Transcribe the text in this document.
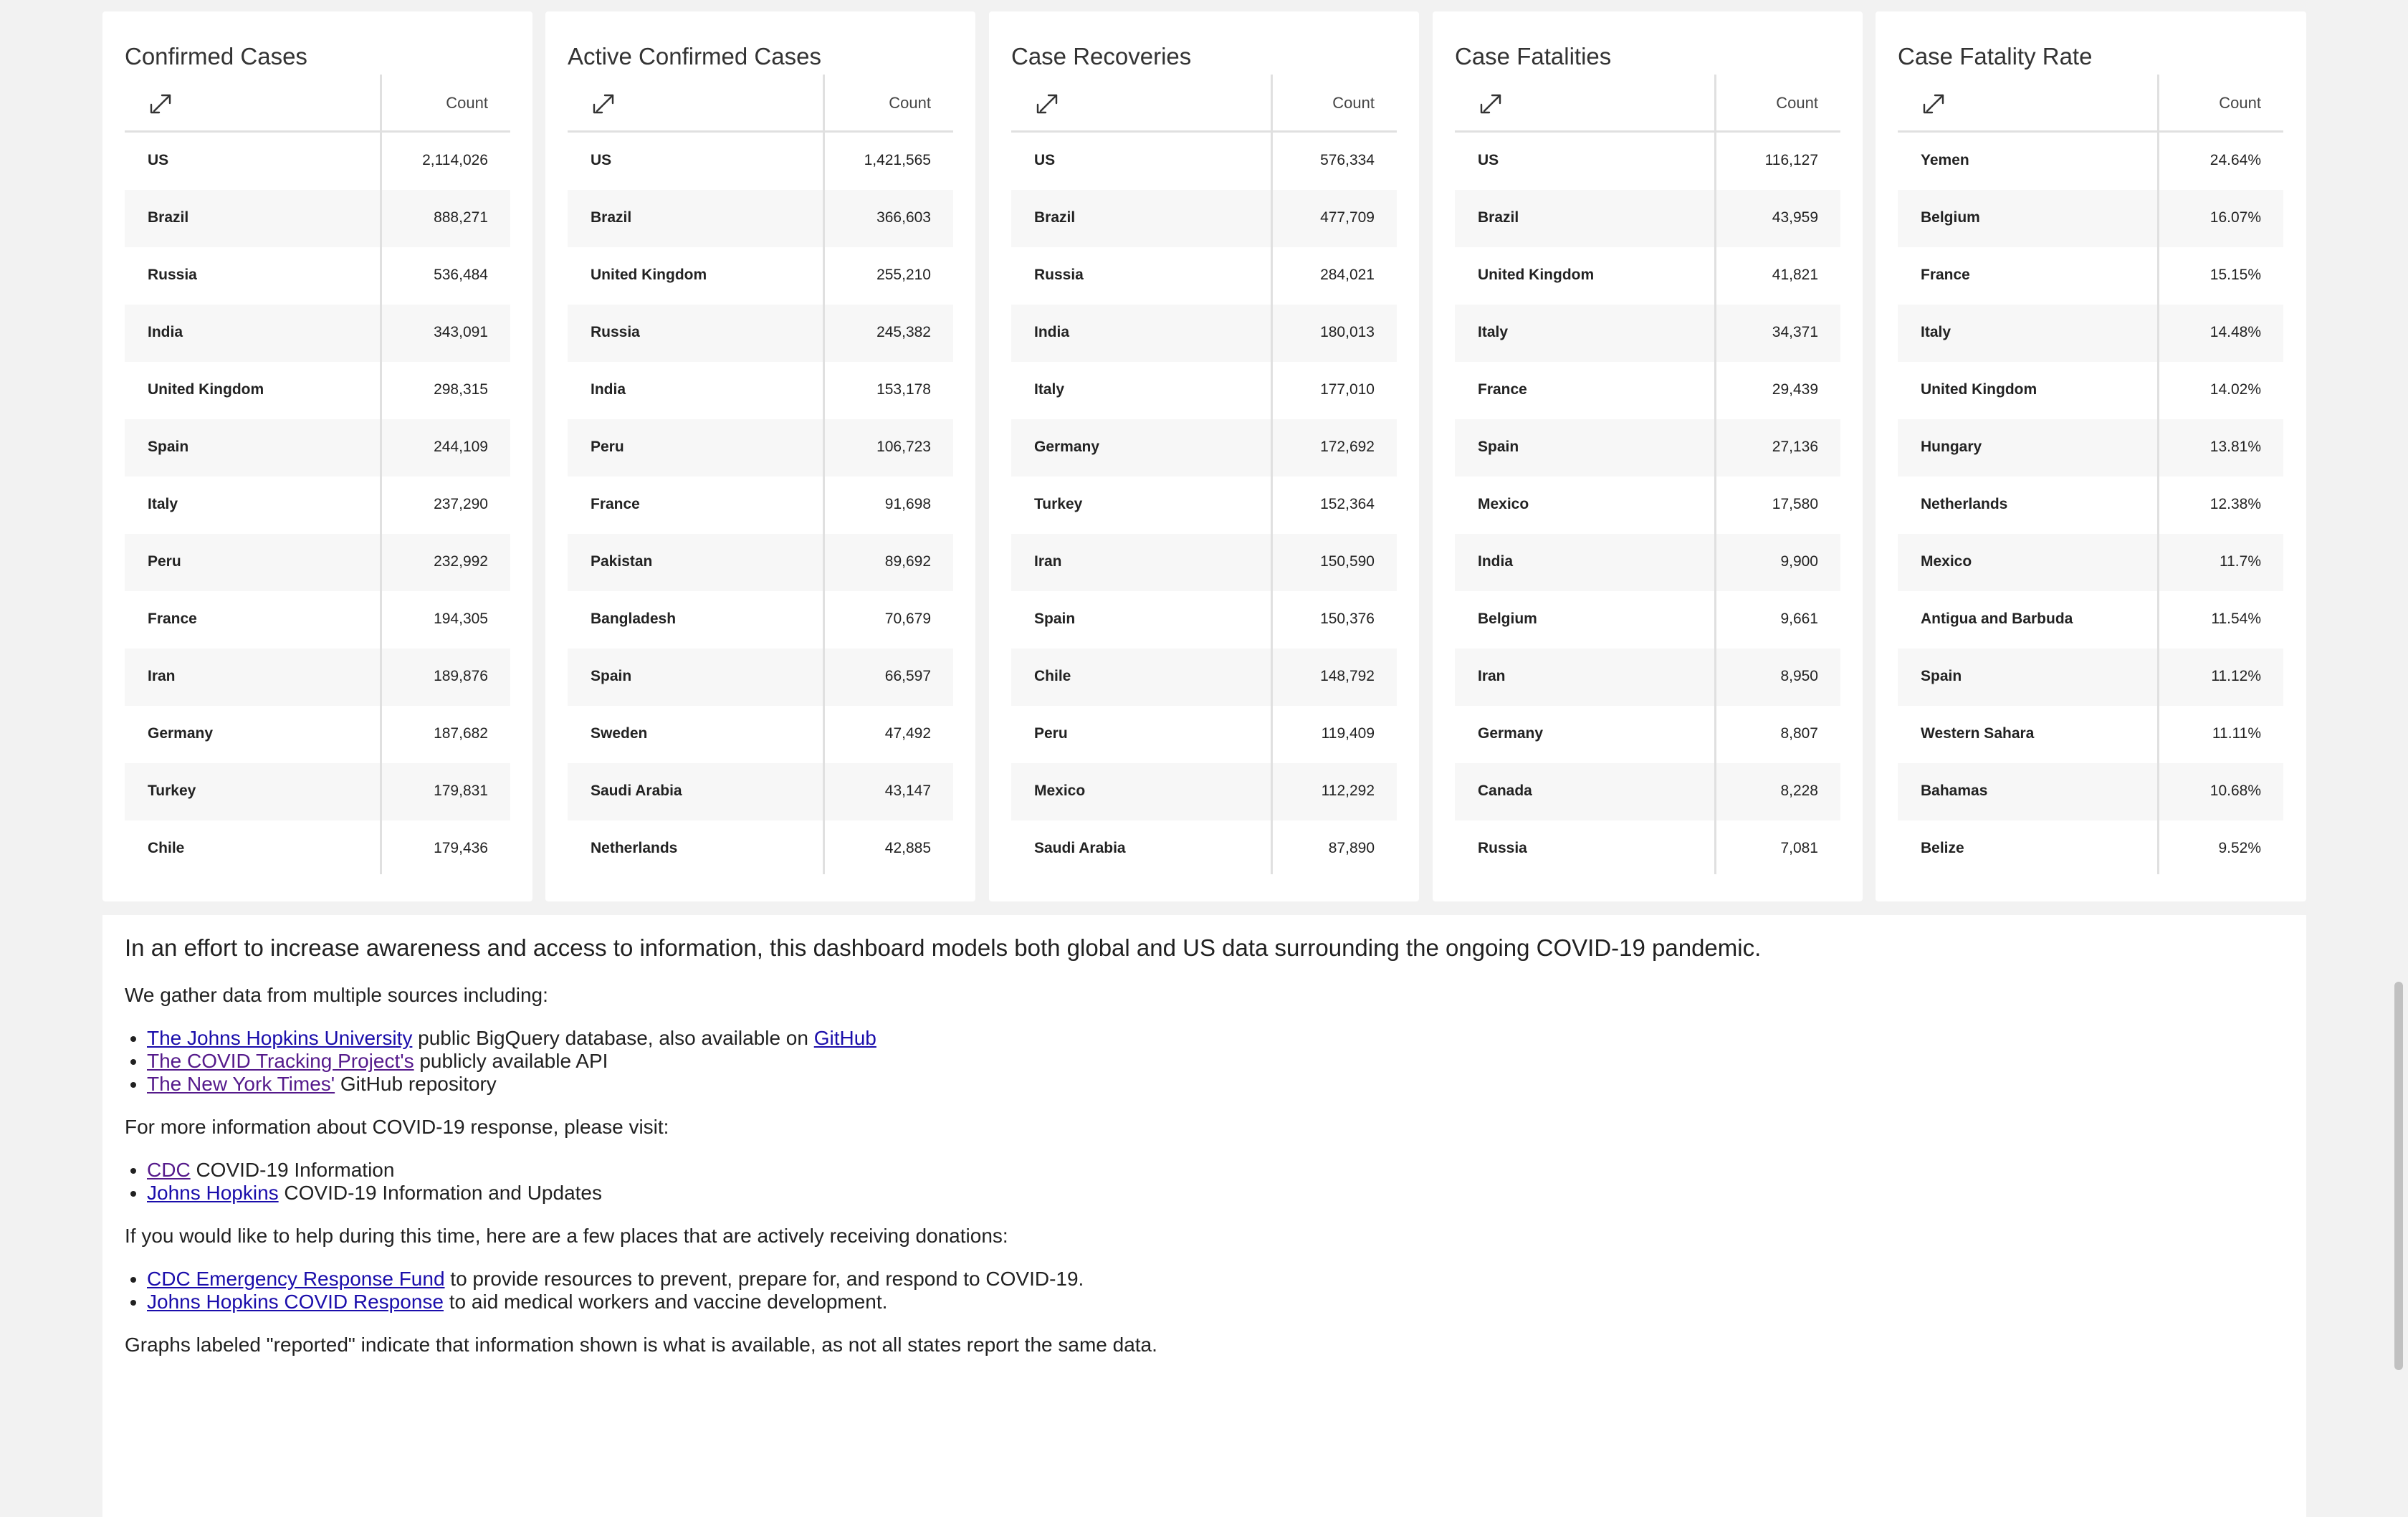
Confirmed Cases
Count
US	2,114,026
Brazil	888,271
Russia	536,484
India	343,091
United Kingdom	298,315
Spain	244,109
Italy	237,290
Peru	232,992
France	194,305
Iran	189,876
Germany	187,682
Turkey	179,831
Chile	179,436
Active Confirmed Cases
Count
US	1,421,565
Brazil	366,603
United Kingdom	255,210
Russia	245,382
India	153,178
Peru	106,723
France	91,698
Pakistan	89,692
Bangladesh	70,679
Spain	66,597
Sweden	47,492
Saudi Arabia	43,147
Netherlands	42,885
Case Recoveries
Count
US	576,334
Brazil	477,709
Russia	284,021
India	180,013
Italy	177,010
Germany	172,692
Turkey	152,364
Iran	150,590
Spain	150,376
Chile	148,792
Peru	119,409
Mexico	112,292
Saudi Arabia	87,890
Case Fatalities
Count
US	116,127
Brazil	43,959
United Kingdom	41,821
Italy	34,371
France	29,439
Spain	27,136
Mexico	17,580
India	9,900
Belgium	9,661
Iran	8,950
Germany	8,807
Canada	8,228
Russia	7,081
Case Fatality Rate
Count
Yemen	24.64%
Belgium	16.07%
France	15.15%
Italy	14.48%
United Kingdom	14.02%
Hungary	13.81%
Netherlands	12.38%
Mexico	11.7%
Antigua and Barbuda	11.54%
Spain	11.12%
Western Sahara	11.11%
Bahamas	10.68%
Belize	9.52%

In an effort to increase awareness and access to information, this dashboard models both global and US data surrounding the ongoing COVID-19 pandemic.

We gather data from multiple sources including:

• The Johns Hopkins University public BigQuery database, also available on GitHub
• The COVID Tracking Project's publicly available API
• The New York Times' GitHub repository

For more information about COVID-19 response, please visit:

• CDC COVID-19 Information
• Johns Hopkins COVID-19 Information and Updates

If you would like to help during this time, here are a few places that are actively receiving donations:

• CDC Emergency Response Fund to provide resources to prevent, prepare for, and respond to COVID-19.
• Johns Hopkins COVID Response to aid medical workers and vaccine development.

Graphs labeled "reported" indicate that information shown is what is available, as not all states report the same data.
